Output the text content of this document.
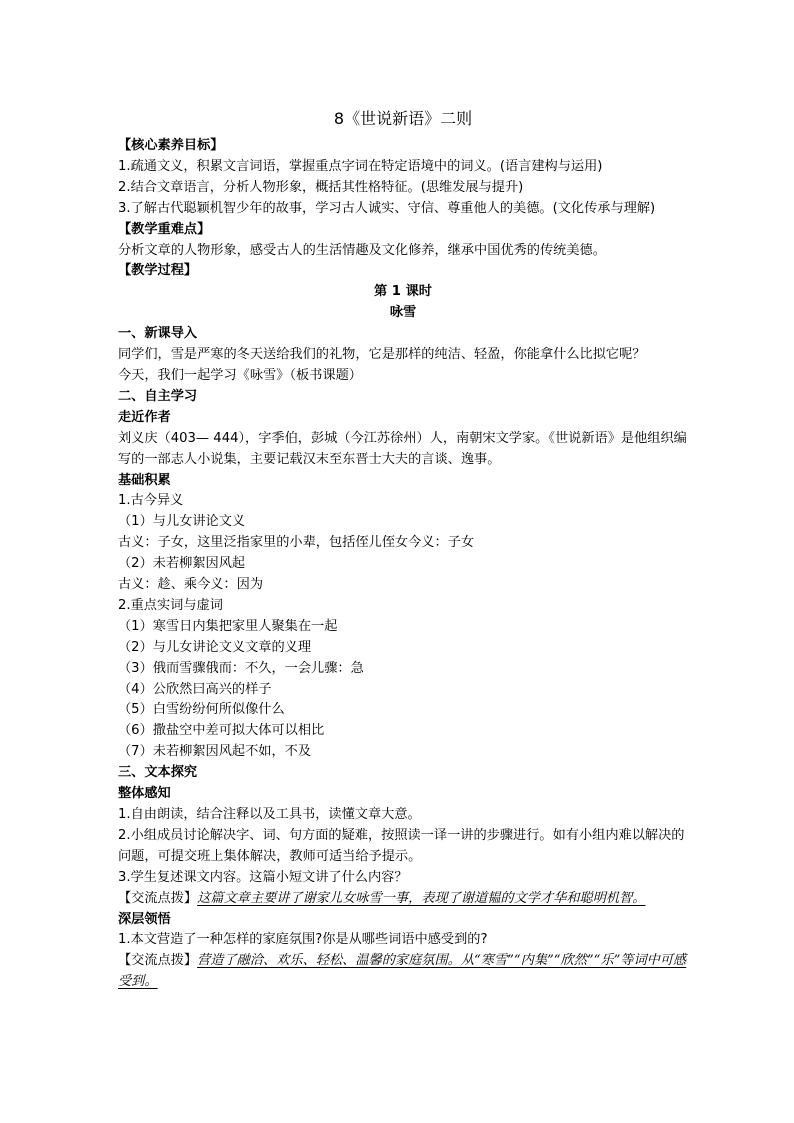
8《世说新语》二则
【核心素养目标】
1.疏通文义，积累文言词语，掌握重点字词在特定语境中的词义。(语言建构与运用)
2.结合文章语言，分析人物形象，概括其性格特征。(思维发展与提升)
3.了解古代聪颖机智少年的故事，学习古人诚实、守信、尊重他人的美德。(文化传承与理解)
【教学重难点】
分析文章的人物形象，感受古人的生活情趣及文化修养，继承中国优秀的传统美德。
【教学过程】
第 1 课时
咏雪
一、新课导入
同学们，雪是严寒的冬天送给我们的礼物，它是那样的纯洁、轻盈，你能拿什么比拟它呢？
今天，我们一起学习《咏雪》（板书课题）
二、自主学习
走近作者
刘义庆（403— 444），字季伯，彭城（今江苏徐州）人，南朝宋文学家。《世说新语》是他组织编写的一部志人小说集，主要记载汉末至东晋士大夫的言谈、逸事。
基础积累
1.古今异义
（1）与儿女讲论文义
古义：子女，这里泛指家里的小辈，包括侄儿侄女今义：子女
（2）未若柳絮因风起
古义：趁、乘今义：因为
2.重点实词与虚词
（1）寒雪日内集把家里人聚集在一起
（2）与儿女讲论文义文章的义理
（3）俄而雪骤俄而：不久，一会儿骤：急
（4）公欣然曰高兴的样子
（5）白雪纷纷何所似像什么
（6）撒盐空中差可拟大体可以相比
（7）未若柳絮因风起不如，不及
三、文本探究
整体感知
1.自由朗读，结合注释以及工具书，读懂文章大意。
2.小组成员讨论解决字、词、句方面的疑难，按照读一译一讲的步骤进行。如有小组内难以解决的问题，可提交班上集体解决，教师可适当给予提示。
3.学生复述课文内容。这篇小短文讲了什么内容？
【交流点拨】这篇文章主要讲了谢家儿女咏雪一事，表现了谢道韫的文学才华和聪明机智。
深层领悟
1.本文营造了一种怎样的家庭氛围?你是从哪些词语中感受到的?
【交流点拨】营造了融洽、欢乐、轻松、温馨的家庭氛围。从“寒雪”“内集”“欣然”“乐”等词中可感受到。
